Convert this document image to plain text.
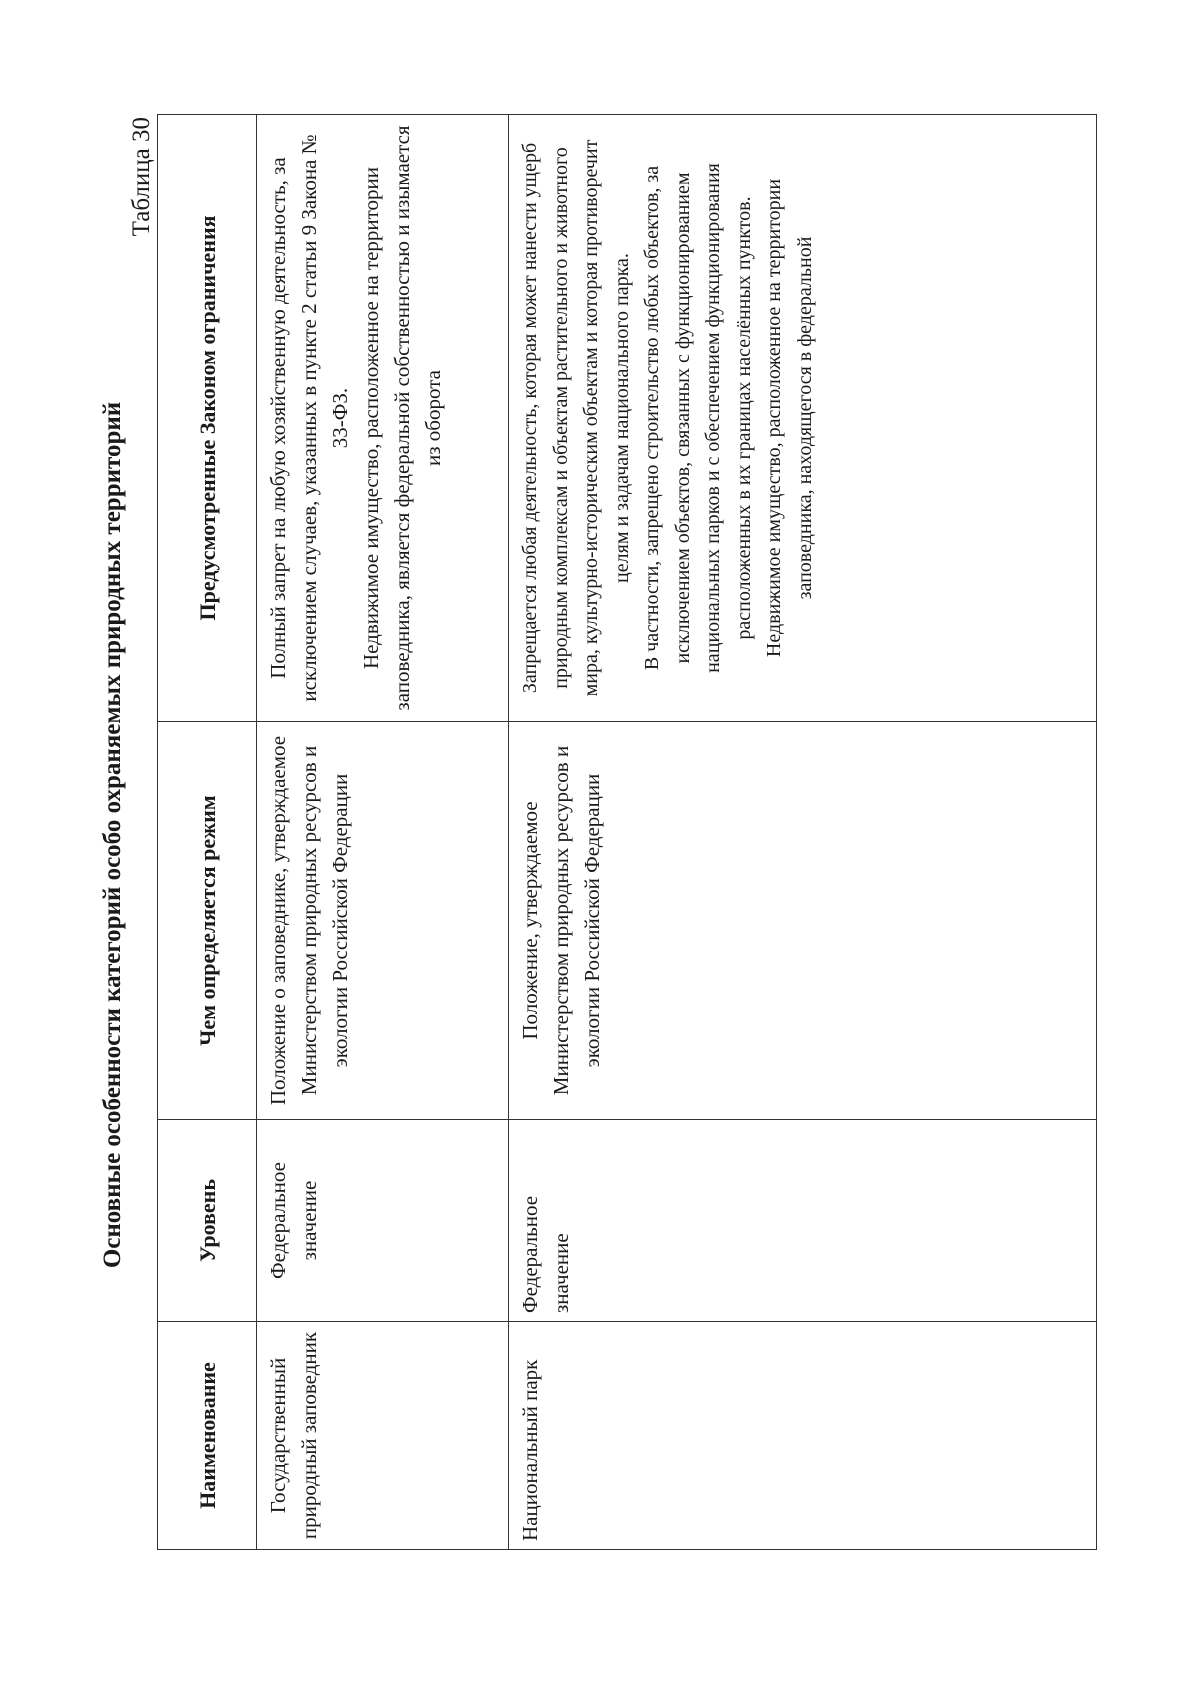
Основные особенности категорий особо охраняемых природных территорий
Таблица 30
Наименование	Уровень	Чем определяется режим	Предусмотренные Законом ограничения
Государственный природный заповедник	Федеральное значение	Положение о заповеднике, утверждаемое Министерством природных ресурсов и экологии Российской Федерации	Полный запрет на любую хозяйственную деятельность, за исключением случаев, указанных в пункте 2 статьи 9 Закона № 33-ФЗ. Недвижимое имущество, расположенное на территории заповедника, является федеральной собственностью и изымается из оборота

Национальный парк	Федеральное значение	Положение, утверждаемое Министерством природных ресурсов и экологии Российской Федерации	Запрещается любая деятельность, которая может нанести ущерб природным комплексам и объектам растительного и животного мира, культурно-историческим объектам и которая противоречит целям и задачам национального парка. В частности, запрещено строительство любых объектов, за исключением объектов, связанных с функционированием национальных парков и с обеспечением функционирования расположенных в их границах населённых пунктов. Недвижимое имущество, расположенное на территории заповедника, находящегося в федеральной
